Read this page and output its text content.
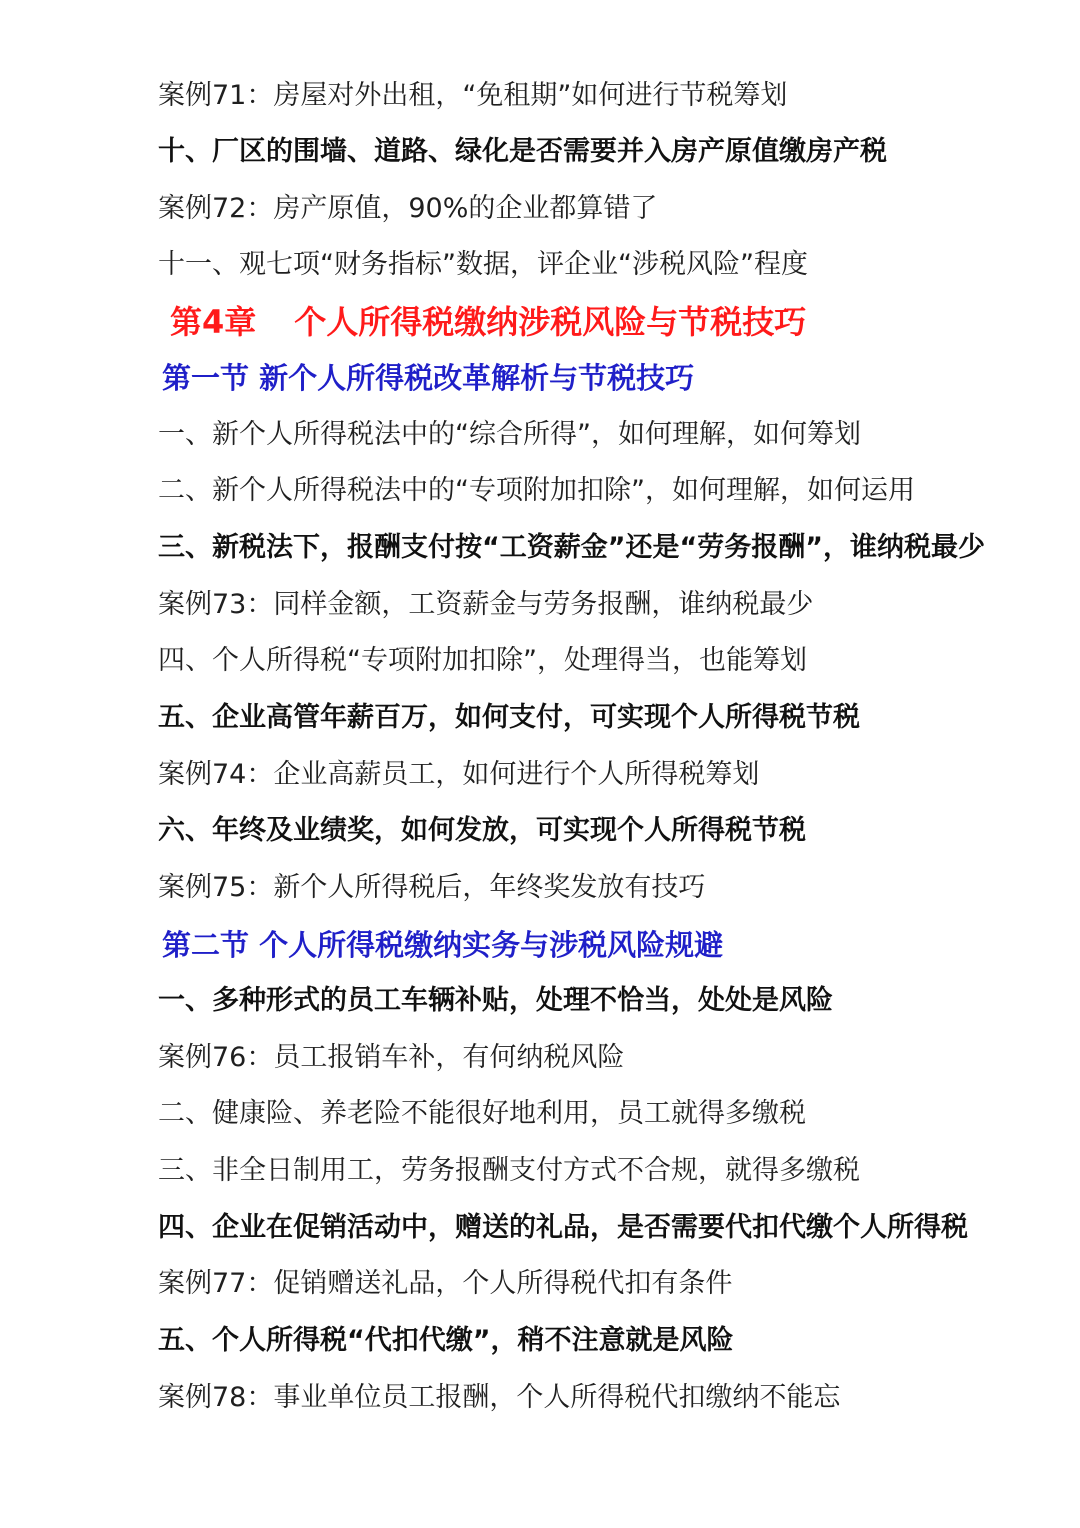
案例71：房屋对外出租，“免租期”如何进行节税筹划
十、厂区的围墙、道路、绿化是否需要并入房产原值缴房产税
案例72：房产原值，90%的企业都算错了
十一、观七项“财务指标”数据，评企业“涉税风险”程度
第4章 个人所得税缴纳涉税风险与节税技巧
第一节 新个人所得税改革解析与节税技巧
一、新个人所得税法中的“综合所得”，如何理解，如何筹划
二、新个人所得税法中的“专项附加扣除”，如何理解，如何运用
三、新税法下，报酬支付按“工资薪金”还是“劳务报酬”，谁纳税最少
案例73：同样金额，工资薪金与劳务报酬，谁纳税最少
四、个人所得税“专项附加扣除”，处理得当，也能筹划
五、企业高管年薪百万，如何支付，可实现个人所得税节税
案例74：企业高薪员工，如何进行个人所得税筹划
六、年终及业绩奖，如何发放，可实现个人所得税节税
案例75：新个人所得税后，年终奖发放有技巧
第二节 个人所得税缴纳实务与涉税风险规避
一、多种形式的员工车辆补贴，处理不恰当，处处是风险
案例76：员工报销车补，有何纳税风险
二、健康险、养老险不能很好地利用，员工就得多缴税
三、非全日制用工，劳务报酬支付方式不合规，就得多缴税
四、企业在促销活动中，赠送的礼品，是否需要代扣代缴个人所得税
案例77：促销赠送礼品，个人所得税代扣有条件
五、个人所得税“代扣代缴”，稍不注意就是风险
案例78：事业单位员工报酬，个人所得税代扣缴纳不能忘
